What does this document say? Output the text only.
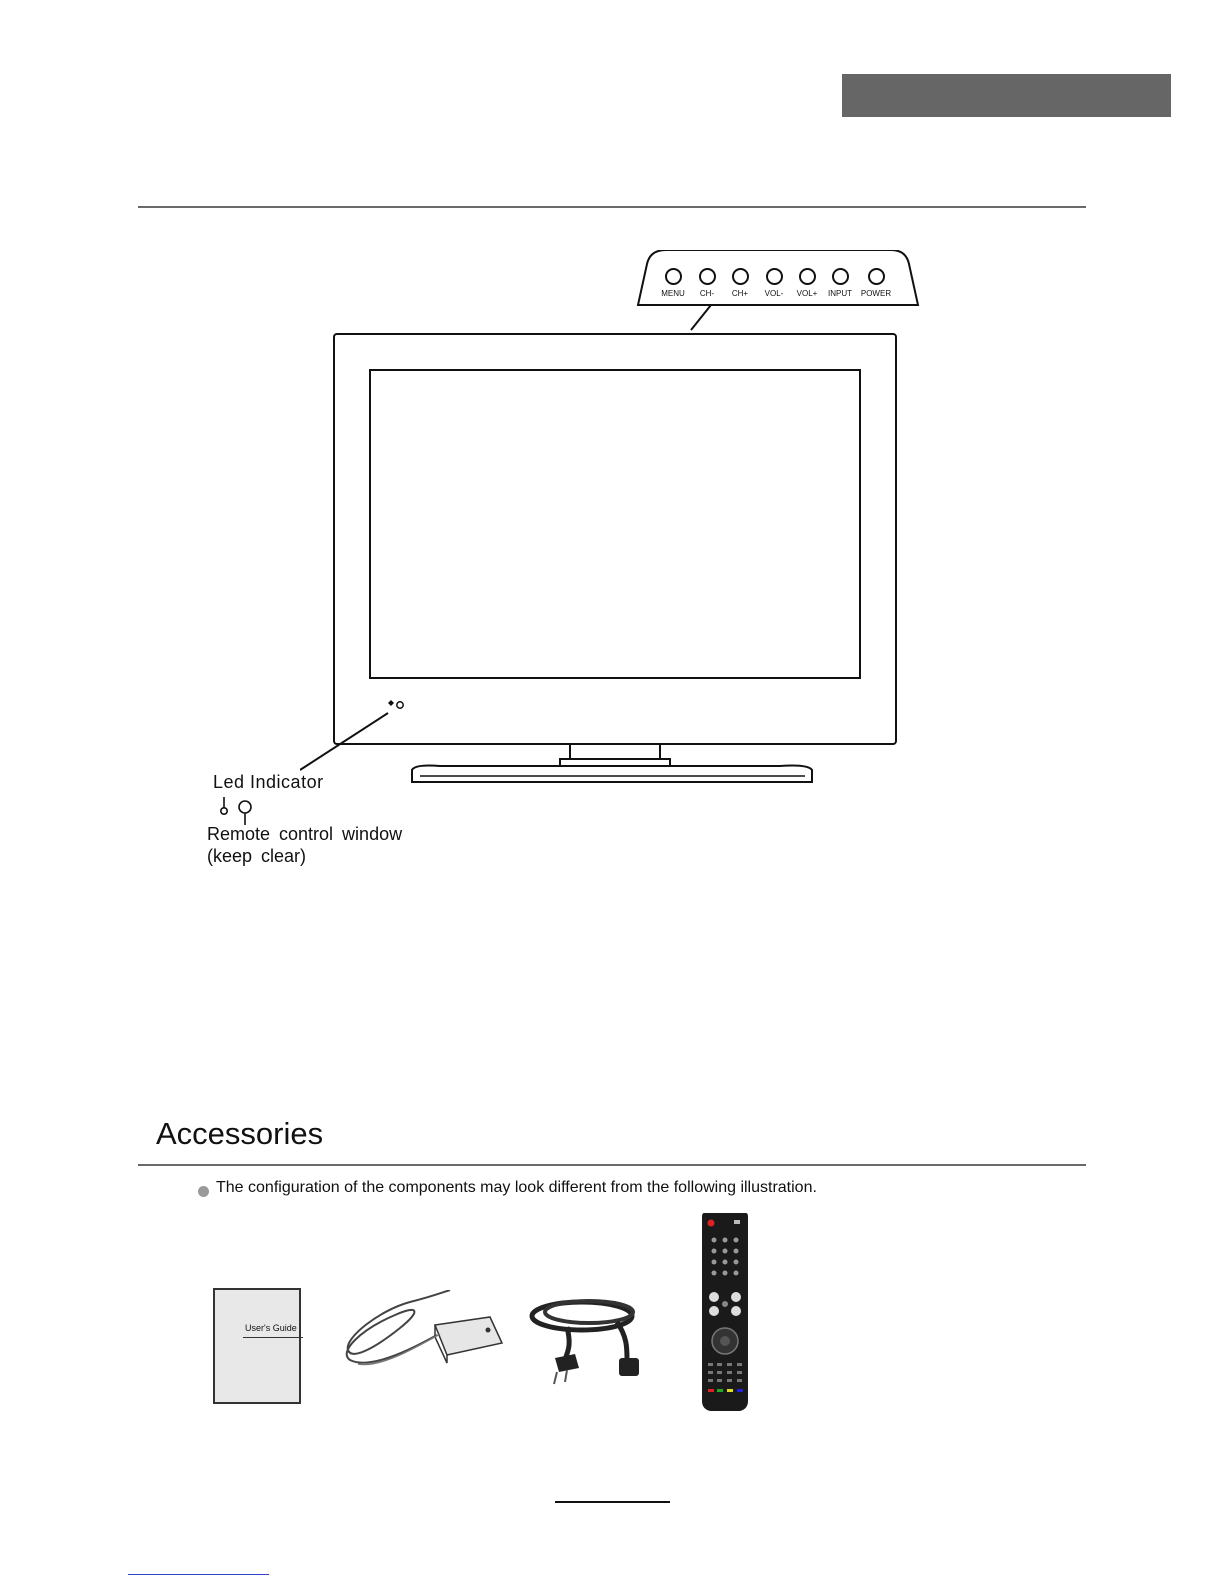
MENU	CH-	CH+	VOL-	VOL+	INPUT	POWER
Led Indicator
Remote control window
(keep clear)
Accessories
The configuration of the components may look different from the following illustration.
User's Guide
